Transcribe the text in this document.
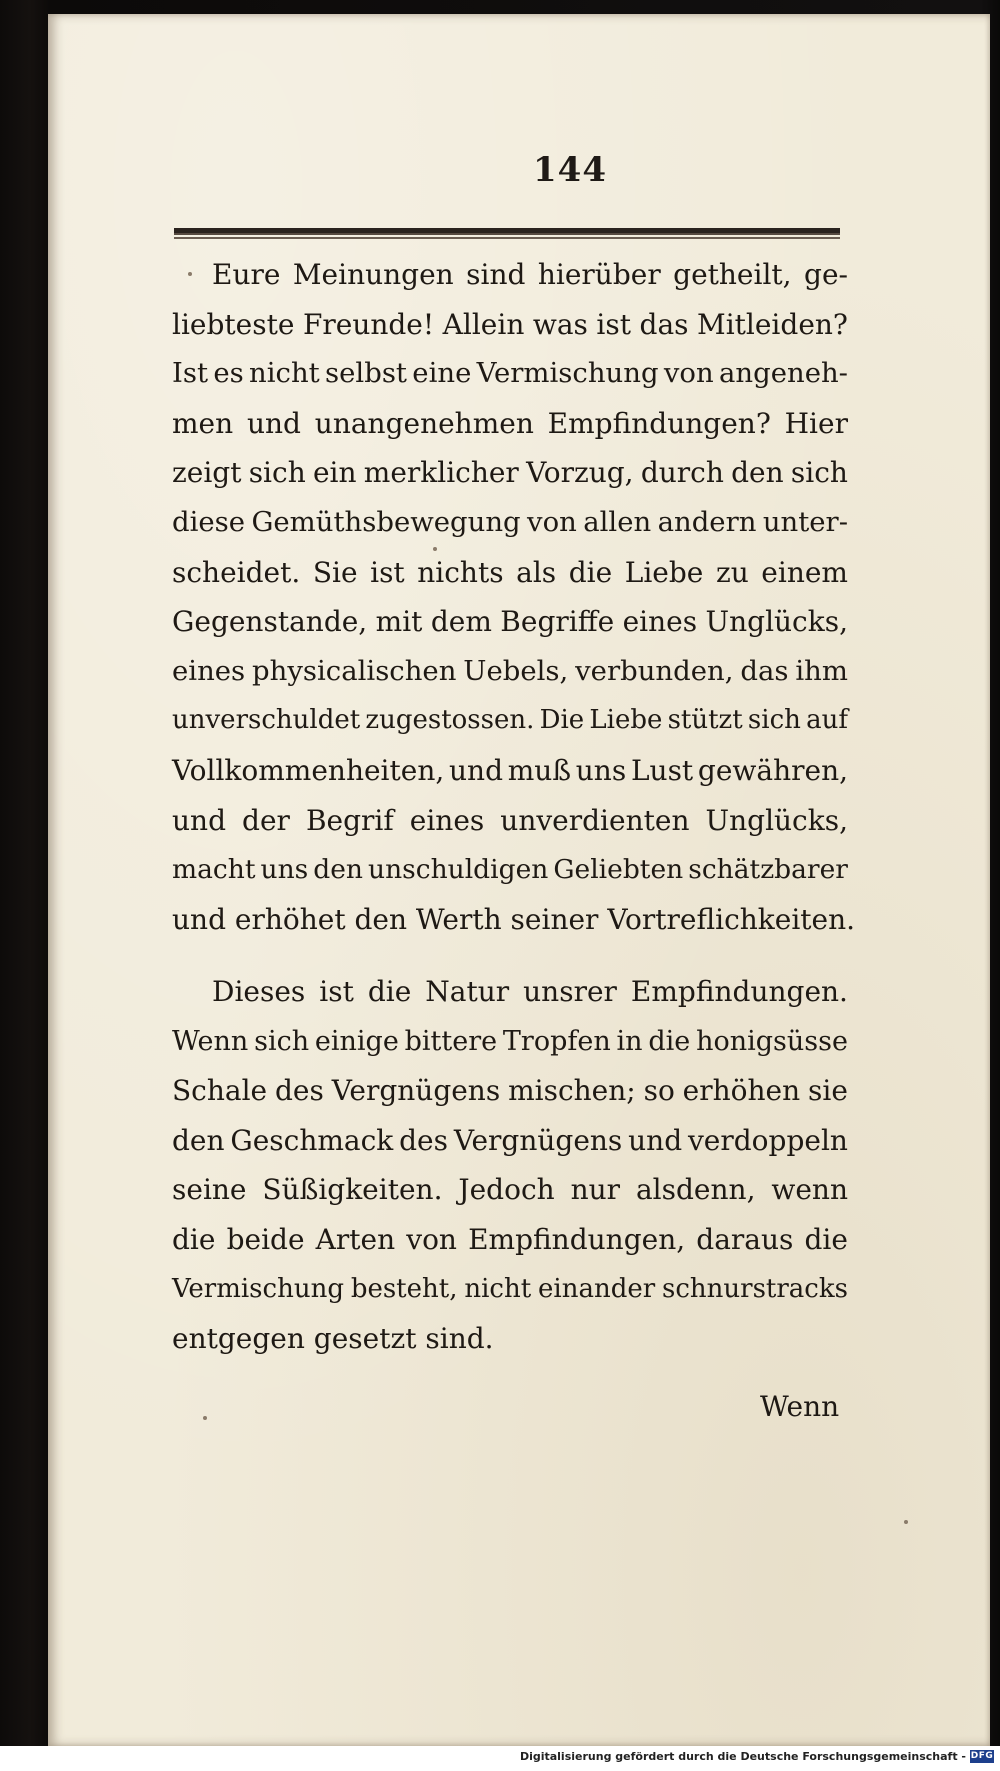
144
Eure Meinungen sind hierüber getheilt, ge-
liebteste Freunde! Allein was ist das Mitleiden?
Ist es nicht selbst eine Vermischung von angeneh-
men und unangenehmen Empfindungen? Hier
zeigt sich ein merklicher Vorzug, durch den sich
diese Gemüthsbewegung von allen andern unter-
scheidet. Sie ist nichts als die Liebe zu einem
Gegenstande, mit dem Begriffe eines Unglücks,
eines physicalischen Uebels, verbunden, das ihm
unverschuldet zugestossen. Die Liebe stützt sich auf
Vollkommenheiten, und muß uns Lust gewähren,
und der Begrif eines unverdienten Unglücks,
macht uns den unschuldigen Geliebten schätzbarer
und erhöhet den Werth seiner Vortreflichkeiten.
Dieses ist die Natur unsrer Empfindungen.
Wenn sich einige bittere Tropfen in die honigsüsse
Schale des Vergnügens mischen; so erhöhen sie
den Geschmack des Vergnügens und verdoppeln
seine Süßigkeiten. Jedoch nur alsdenn, wenn
die beide Arten von Empfindungen, daraus die
Vermischung besteht, nicht einander schnurstracks
entgegen gesetzt sind.
Wenn
Digitalisierung gefördert durch die Deutsche Forschungsgemeinschaft - DFG
